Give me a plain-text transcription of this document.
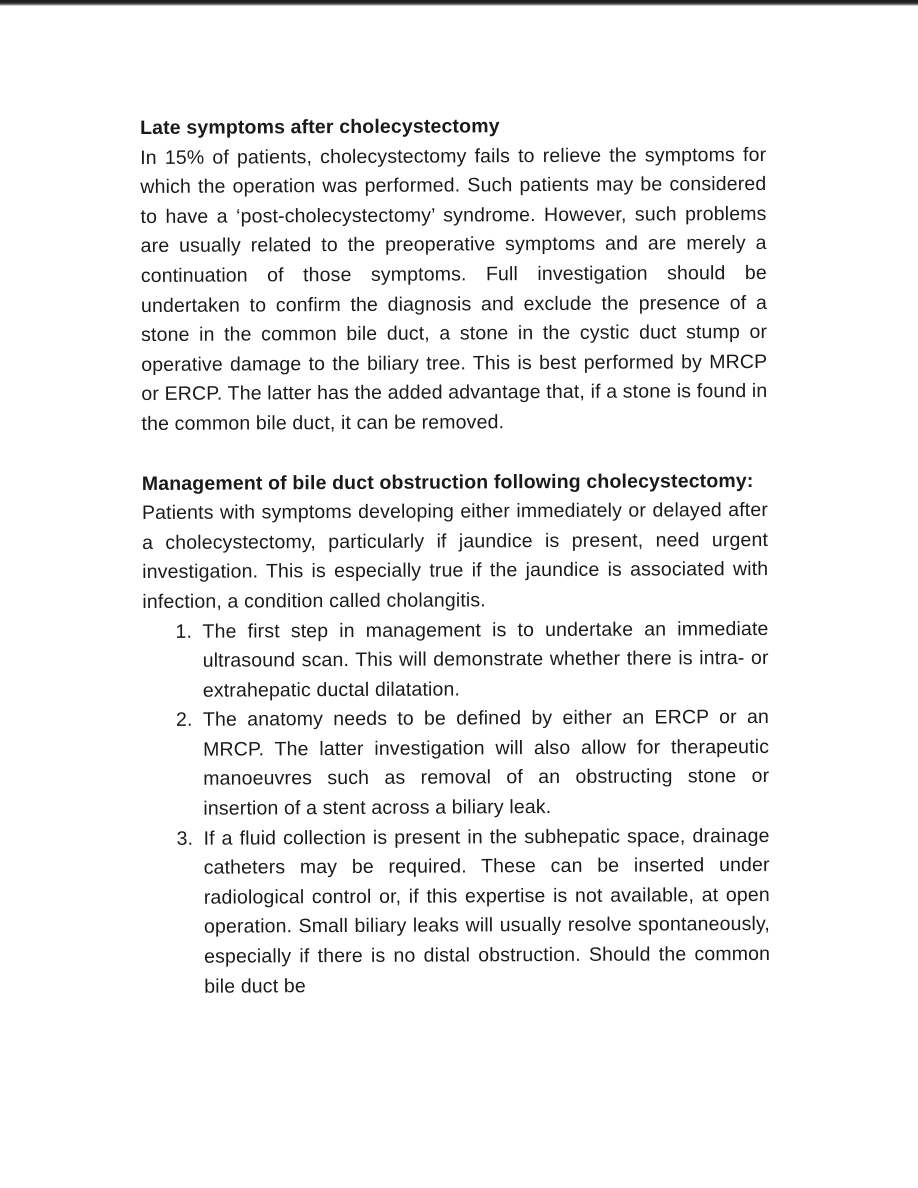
Late symptoms after cholecystectomy

In 15% of patients, cholecystectomy fails to relieve the symptoms for which the operation was performed. Such patients may be considered to have a ‘post-cholecystectomy’ syndrome. However, such problems are usually related to the preoperative symptoms and are merely a continuation of those symptoms. Full investigation should be undertaken to confirm the diagnosis and exclude the presence of a stone in the common bile duct, a stone in the cystic duct stump or operative damage to the biliary tree. This is best performed by MRCP or ERCP. The latter has the added advantage that, if a stone is found in the common bile duct, it can be removed.

Management of bile duct obstruction following cholecystectomy:

Patients with symptoms developing either immediately or delayed after a cholecystectomy, particularly if jaundice is present, need urgent investigation. This is especially true if the jaundice is associated with infection, a condition called cholangitis.

1. The first step in management is to undertake an immediate ultrasound scan. This will demonstrate whether there is intra- or extrahepatic ductal dilatation.
2. The anatomy needs to be defined by either an ERCP or an MRCP. The latter investigation will also allow for therapeutic manoeuvres such as removal of an obstructing stone or insertion of a stent across a biliary leak.
3. If a fluid collection is present in the subhepatic space, drainage catheters may be required. These can be inserted under radiological control or, if this expertise is not available, at open operation. Small biliary leaks will usually resolve spontaneously, especially if there is no distal obstruction. Should the common bile duct be
